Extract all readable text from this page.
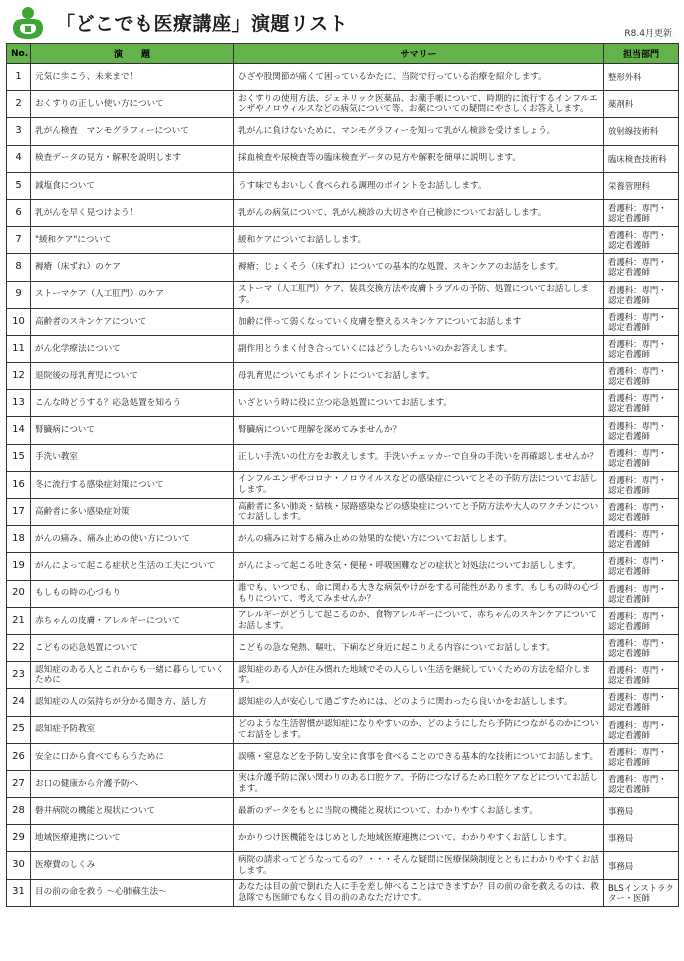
「どこでも医療講座」演題リスト	R8.4月更新
No.	演　　題	サマリー	担当部門
1	元気に歩こう、未来まで！	ひざや股関節が痛くて困っているかたに、当院で行っている治療を紹介します。	整形外科
2	おくすりの正しい使い方について	おくすりの使用方法、ジェネリック医薬品、お薬手帳について、時期的に流行するインフルエンザやノロウィルスなどの病気について等、お薬についての疑問にやさしくお答えします。	薬剤科
3	乳がん検査　マンモグラフィーについて	乳がんに負けないために、マンモグラフィーを知って乳がん検診を受けましょう。	放射線技術科
4	検査データの見方・解釈を説明します	採血検査や尿検査等の臨床検査データの見方や解釈を簡単に説明します。	臨床検査技術科
5	減塩食について	うす味でもおいしく食べられる調理のポイントをお話しします。	栄養管理科
6	乳がんを早く見つけよう！	乳がんの病気について、乳がん検診の大切さや自己検診についてお話しします。	看護科：専門・認定看護師
7	"緩和ケア"について	緩和ケアについてお話しします。	看護科：専門・認定看護師
8	褥瘡（床ずれ）のケア	褥瘡：じょくそう（床ずれ）についての基本的な処置、スキンケアのお話をします。	看護科：専門・認定看護師
9	ストーマケア（人工肛門）のケア	ストーマ（人工肛門）ケア、装具交換方法や皮膚トラブルの予防、処置についてお話しします。	看護科：専門・認定看護師
10	高齢者のスキンケアについて	加齢に伴って弱くなっていく皮膚を整えるスキンケアについてお話します	看護科：専門・認定看護師
11	がん化学療法について	副作用とうまく付き合っていくにはどうしたらいいのかお答えします。	看護科：専門・認定看護師
12	退院後の母乳育児について	母乳育児についてもポイントについてお話します。	看護科：専門・認定看護師
13	こんな時どうする？応急処置を知ろう	いざという時に役に立つ応急処置についてお話します。	看護科：専門・認定看護師
14	腎臓病について	腎臓病について理解を深めてみませんか？	看護科：専門・認定看護師
15	手洗い教室	正しい手洗いの仕方をお教えします。手洗いチェッカーで自身の手洗いを再確認しませんか？	看護科：専門・認定看護師
16	冬に流行する感染症対策について	インフルエンザやコロナ・ノロウイルスなどの感染症についてとその予防方法についてお話しします。	看護科：専門・認定看護師
17	高齢者に多い感染症対策	高齢者に多い肺炎・結核・尿路感染などの感染症についてと予防方法や大人のワクチンについてお話しします。	看護科：専門・認定看護師
18	がんの痛み、痛み止めの使い方について	がんの痛みに対する痛み止めの効果的な使い方についてお話しします。	看護科：専門・認定看護師
19	がんによって起こる症状と生活の工夫について	がんによって起こる吐き気・便秘・呼吸困難などの症状と対処法についてお話しします。	看護科：専門・認定看護師
20	もしもの時の心づもり	誰でも、いつでも、命に関わる大きな病気やけがをする可能性があります。もしもの時の心づもりについて、考えてみませんか？	看護科：専門・認定看護師
21	赤ちゃんの皮膚・アレルギーについて	アレルギーがどうして起こるのか、食物アレルギーについて、赤ちゃんのスキンケアについてお話します。	看護科：専門・認定看護師
22	こどもの応急処置について	こどもの急な発熱、嘔吐、下痢など身近に起こりえる内容についてお話しします。	看護科：専門・認定看護師
23	認知症のある人とこれからも一緒に暮らしていくために	認知症のある人が住み慣れた地域でその人らしい生活を継続していくための方法を紹介します。	看護科：専門・認定看護師
24	認知症の人の気持ちが分かる聞き方、話し方	認知症の人が安心して過ごすためには、どのように関わったら良いかをお話しします。	看護科：専門・認定看護師
25	認知症予防教室	どのような生活習慣が認知症になりやすいのか、どのようにしたら予防につながるのかについてお話をします。	看護科：専門・認定看護師
26	安全に口から食べてもらうために	誤嚥・窒息などを予防し安全に食事を食べることのできる基本的な技術についてお話します。	看護科：専門・認定看護師
27	お口の健康から介護予防へ	実は介護予防に深い関わりのある口腔ケア。予防につなげるため口腔ケアなどについてお話します。	看護科：専門・認定看護師
28	磐井病院の機能と現状について	最新のデータをもとに当院の機能と現状について、わかりやすくお話します。	事務局
29	地域医療連携について	かかりつけ医機能をはじめとした地域医療連携について、わかりやすくお話しします。	事務局
30	医療費のしくみ	病院の請求ってどうなってるの？・・・そんな疑問に医療保険制度とともにわかりやすくお話します。	事務局
31	目の前の命を救う ～心肺蘇生法～	あなたは目の前で倒れた人に手を差し伸べることはできますか？目の前の命を救えるのは、救急隊でも医師でもなく目の前のあなただけです。	BLSインストラクター・医師
